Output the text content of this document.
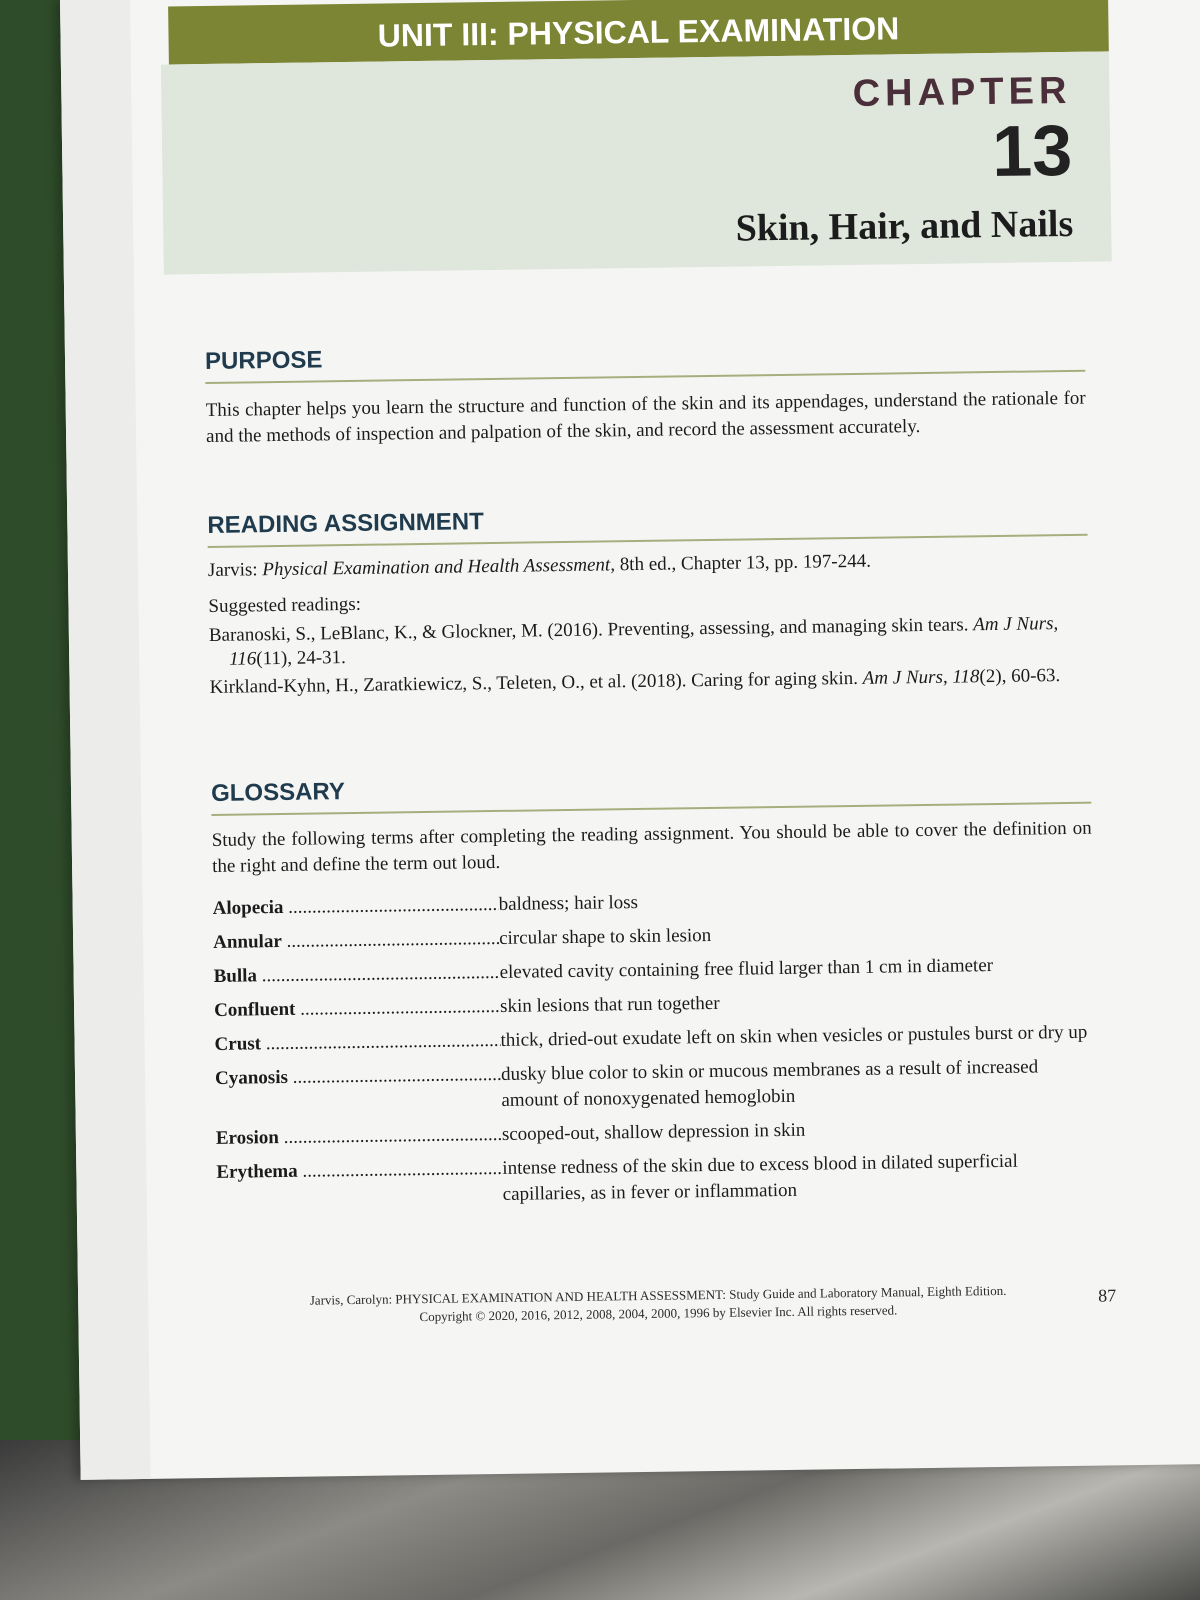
UNIT III: PHYSICAL EXAMINATION
CHAPTER
13
Skin, Hair, and Nails
PURPOSE
This chapter helps you learn the structure and function of the skin and its appendages, understand the rationale for and the methods of inspection and palpation of the skin, and record the assessment accurately.
READING ASSIGNMENT
Jarvis: Physical Examination and Health Assessment, 8th ed., Chapter 13, pp. 197-244.
Suggested readings:
Baranoski, S., LeBlanc, K., & Glockner, M. (2016). Preventing, assessing, and managing skin tears. Am J Nurs, 116(11), 24-31.
Kirkland-Kyhn, H., Zaratkiewicz, S., Teleten, O., et al. (2018). Caring for aging skin. Am J Nurs, 118(2), 60-63.
GLOSSARY
Study the following terms after completing the reading assignment. You should be able to cover the definition on the right and define the term out loud.
Alopecia .....	baldness; hair loss
Annular .....	circular shape to skin lesion
Bulla .....	elevated cavity containing free fluid larger than 1 cm in diameter
Confluent .....	skin lesions that run together
Crust .....	thick, dried-out exudate left on skin when vesicles or pustules burst or dry up
Cyanosis .....	dusky blue color to skin or mucous membranes as a result of increased amount of nonoxygenated hemoglobin
Erosion .....	scooped-out, shallow depression in skin
Erythema .....	intense redness of the skin due to excess blood in dilated superficial capillaries, as in fever or inflammation
Jarvis, Carolyn: PHYSICAL EXAMINATION AND HEALTH ASSESSMENT: Study Guide and Laboratory Manual, Eighth Edition.
Copyright © 2020, 2016, 2012, 2008, 2004, 2000, 1996 by Elsevier Inc. All rights reserved.
87
